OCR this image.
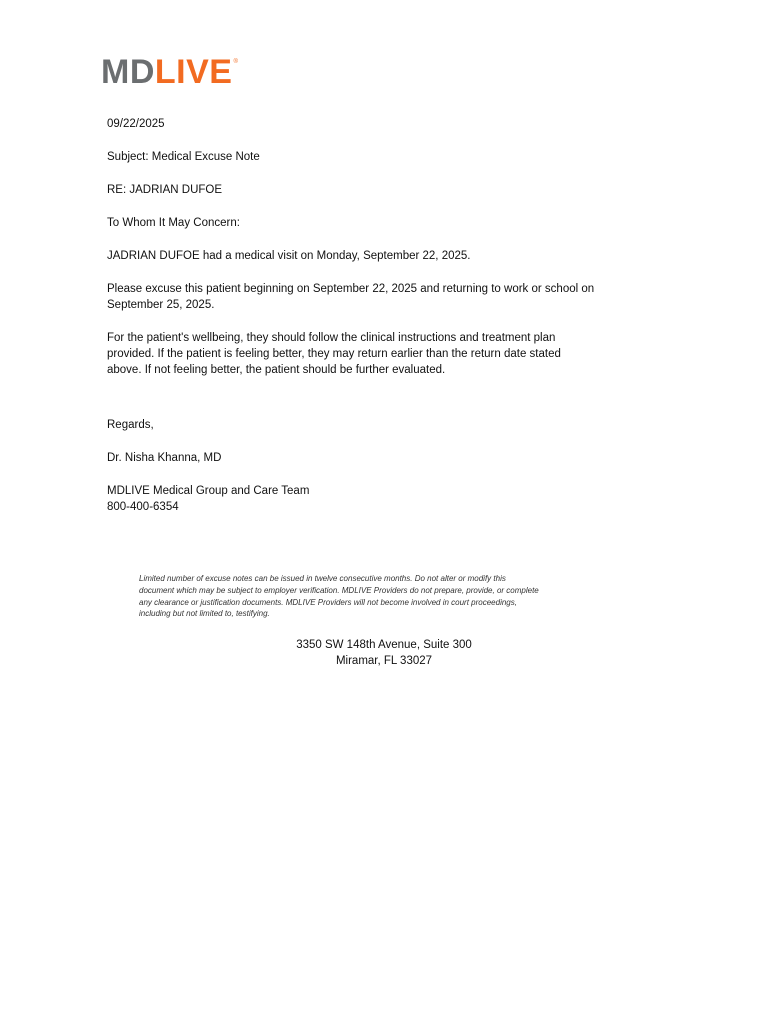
MD LIVE ®

09/22/2025

Subject: Medical Excuse Note

RE: JADRIAN DUFOE

To Whom It May Concern:

JADRIAN DUFOE had a medical visit on Monday, September 22, 2025.

Please excuse this patient beginning on September 22, 2025 and returning to work or school on
September 25, 2025.
For the patient's wellbeing, they should follow the clinical instructions and treatment plan
provided. If the patient is feeling better, they may return earlier than the return date stated
above. If not feeling better, the patient should be further evaluated.

Regards,

Dr. Nisha Khanna, MD

MDLIVE Medical Group and Care Team
800-400-6354
Limited number of excuse notes can be issued in twelve consecutive months. Do not alter or modify this
document which may be subject to employer verification. MDLIVE Providers do not prepare, provide, or complete
any clearance or justification documents. MDLIVE Providers will not become involved in court proceedings,
including but not limited to, testifying.
3350 SW 148th Avenue, Suite 300
Miramar, FL 33027
